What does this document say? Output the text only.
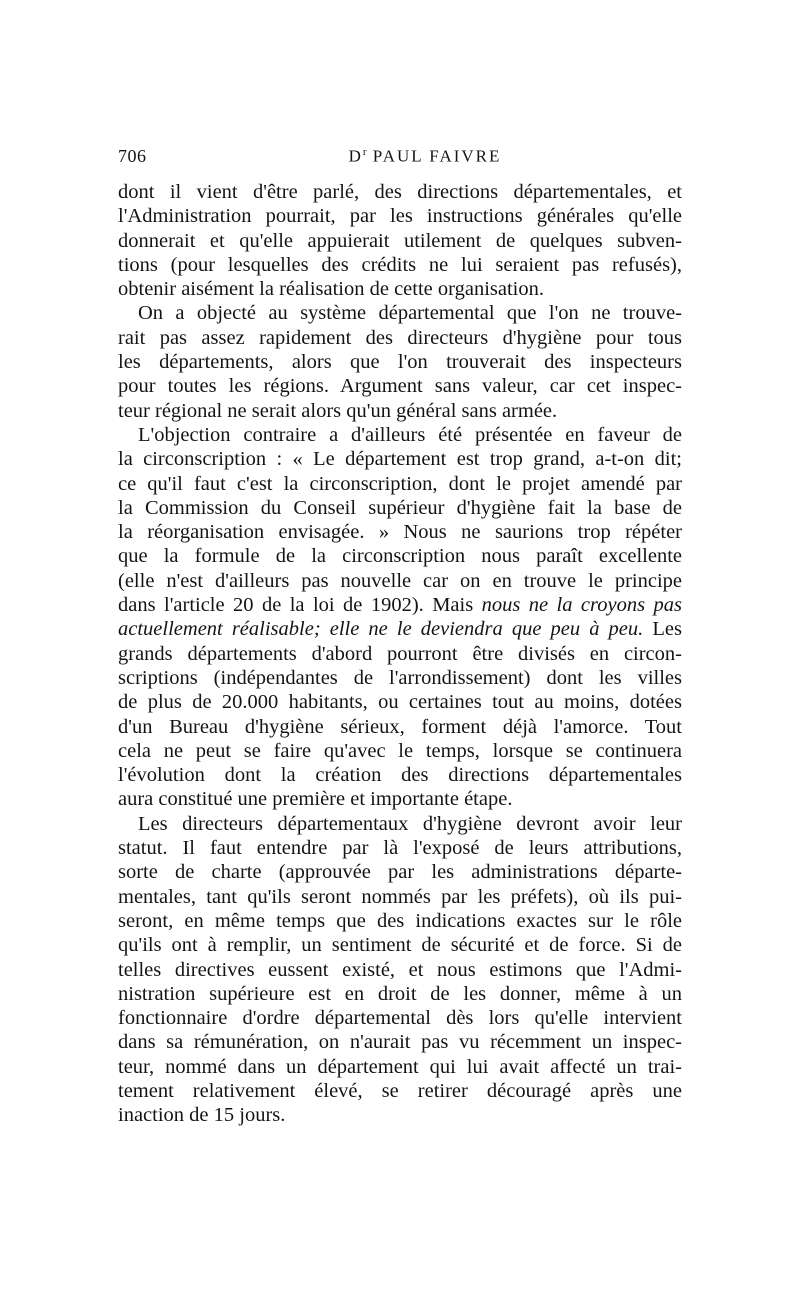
706	$D^r$ PAUL FAIVRE
dont il vient d'être parlé, des directions départementales, et
l'Administration pourrait, par les instructions générales qu'elle
donnerait et qu'elle appuierait utilement de quelques subven-
tions (pour lesquelles des crédits ne lui seraient pas refusés),
obtenir aisément la réalisation de cette organisation.
On a objecté au système départemental que l'on ne trouve-
rait pas assez rapidement des directeurs d'hygiène pour tous
les départements, alors que l'on trouverait des inspecteurs
pour toutes les régions. Argument sans valeur, car cet inspec-
teur régional ne serait alors qu'un général sans armée.
L'objection contraire a d'ailleurs été présentée en faveur de
la circonscription : « Le département est trop grand, a-t-on dit;
ce qu'il faut c'est la circonscription, dont le projet amendé par
la Commission du Conseil supérieur d'hygiène fait la base de
la réorganisation envisagée. » Nous ne saurions trop répéter
que la formule de la circonscription nous paraît excellente
(elle n'est d'ailleurs pas nouvelle car on en trouve le principe
dans l'article 20 de la loi de 1902). Mais nous ne la croyons pas
actuellement réalisable; elle ne le deviendra que peu à peu. Les
grands départements d'abord pourront être divisés en circon-
scriptions (indépendantes de l'arrondissement) dont les villes
de plus de 20.000 habitants, ou certaines tout au moins, dotées
d'un Bureau d'hygiène sérieux, forment déjà l'amorce. Tout
cela ne peut se faire qu'avec le temps, lorsque se continuera
l'évolution dont la création des directions départementales
aura constitué une première et importante étape.
Les directeurs départementaux d'hygiène devront avoir leur
statut. Il faut entendre par là l'exposé de leurs attributions,
sorte de charte (approuvée par les administrations départe-
mentales, tant qu'ils seront nommés par les préfets), où ils pui-
seront, en même temps que des indications exactes sur le rôle
qu'ils ont à remplir, un sentiment de sécurité et de force. Si de
telles directives eussent existé, et nous estimons que l'Admi-
nistration supérieure est en droit de les donner, même à un
fonctionnaire d'ordre départemental dès lors qu'elle intervient
dans sa rémunération, on n'aurait pas vu récemment un inspec-
teur, nommé dans un département qui lui avait affecté un trai-
tement relativement élevé, se retirer découragé après une
inaction de 15 jours.
